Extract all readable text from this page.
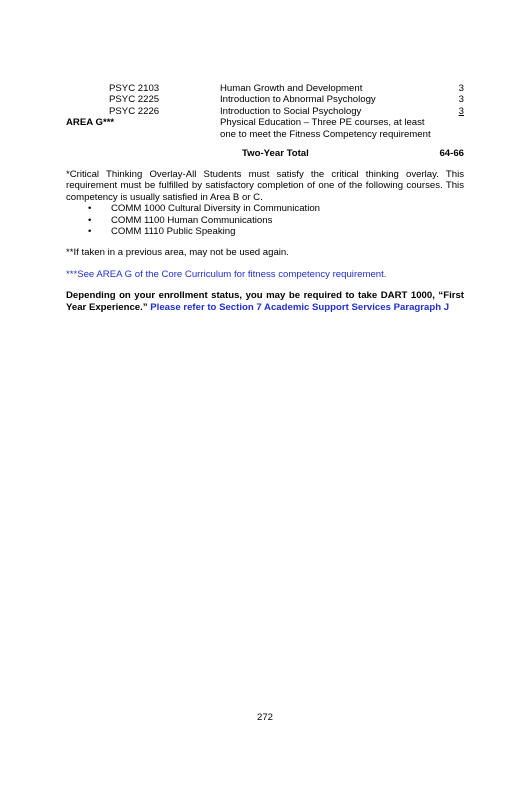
PSYC 2103	Human Growth and Development	3
PSYC 2225	Introduction to Abnormal Psychology	3
PSYC 2226	Introduction to Social Psychology	3
AREA G***	Physical Education – Three PE courses, at least
one to meet the Fitness Competency requirement
Two-Year Total	64-66

*Critical Thinking Overlay-All Students must satisfy the critical thinking overlay. This requirement must be fulfilled by satisfactory completion of one of the following courses. This competency is usually satisfied in Area B or C.

• COMM 1000 Cultural Diversity in Communication
• COMM 1100 Human Communications
• COMM 1110 Public Speaking

**If taken in a previous area, may not be used again.

***See AREA G of the Core Curriculum for fitness competency requirement.

Depending on your enrollment status, you may be required to take DART 1000, “First Year Experience.” Please refer to Section 7 Academic Support Services Paragraph J

272
